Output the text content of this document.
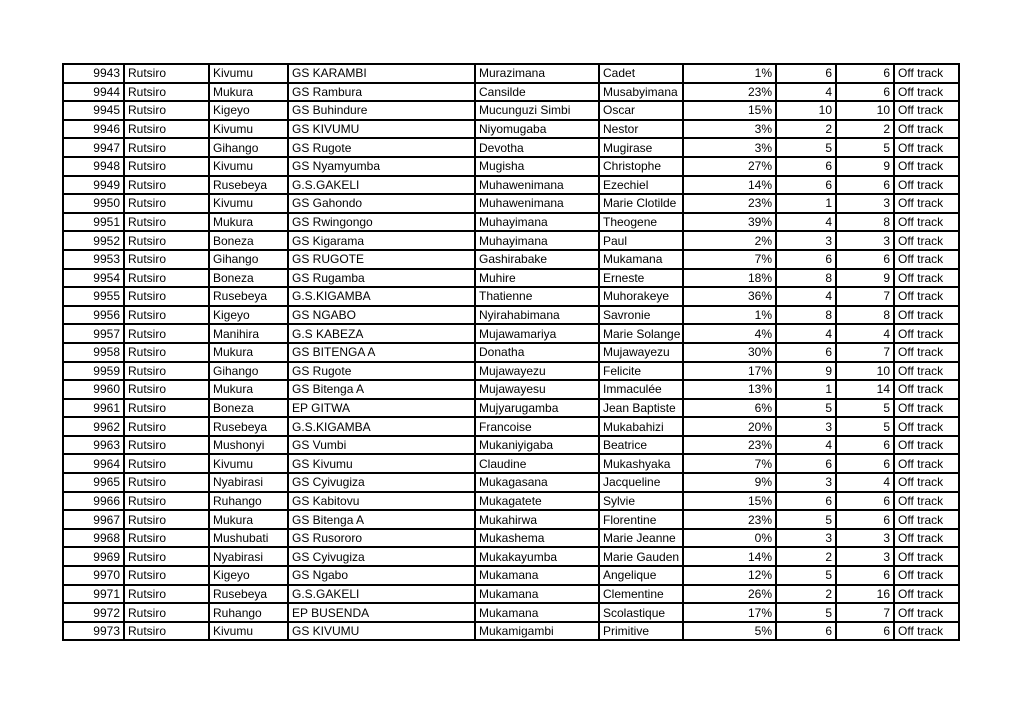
9943	Rutsiro	Kivumu	GS KARAMBI	Murazimana	Cadet	1%	6	6	Off track
9944	Rutsiro	Mukura	GS Rambura	Cansilde	Musabyimana	23%	4	6	Off track
9945	Rutsiro	Kigeyo	GS Buhindure	Mucunguzi Simbi	Oscar	15%	10	10	Off track
9946	Rutsiro	Kivumu	GS KIVUMU	Niyomugaba	Nestor	3%	2	2	Off track
9947	Rutsiro	Gihango	GS Rugote	Devotha	Mugirase	3%	5	5	Off track
9948	Rutsiro	Kivumu	GS Nyamyumba	Mugisha	Christophe	27%	6	9	Off track
9949	Rutsiro	Rusebeya	G.S.GAKELI	Muhawenimana	Ezechiel	14%	6	6	Off track
9950	Rutsiro	Kivumu	GS Gahondo	Muhawenimana	Marie Clotilde	23%	1	3	Off track
9951	Rutsiro	Mukura	GS Rwingongo	Muhayimana	Theogene	39%	4	8	Off track
9952	Rutsiro	Boneza	GS Kigarama	Muhayimana	Paul	2%	3	3	Off track
9953	Rutsiro	Gihango	GS RUGOTE	Gashirabake	Mukamana	7%	6	6	Off track
9954	Rutsiro	Boneza	GS Rugamba	Muhire	Erneste	18%	8	9	Off track
9955	Rutsiro	Rusebeya	G.S.KIGAMBA	Thatienne	Muhorakeye	36%	4	7	Off track
9956	Rutsiro	Kigeyo	GS NGABO	Nyirahabimana	Savronie	1%	8	8	Off track
9957	Rutsiro	Manihira	G.S KABEZA	Mujawamariya	Marie Solange	4%	4	4	Off track
9958	Rutsiro	Mukura	GS BITENGA A	Donatha	Mujawayezu	30%	6	7	Off track
9959	Rutsiro	Gihango	GS Rugote	Mujawayezu	Felicite	17%	9	10	Off track
9960	Rutsiro	Mukura	GS Bitenga A	Mujawayesu	Immaculée	13%	1	14	Off track
9961	Rutsiro	Boneza	EP GITWA	Mujyarugamba	Jean Baptiste	6%	5	5	Off track
9962	Rutsiro	Rusebeya	G.S.KIGAMBA	Francoise	Mukabahizi	20%	3	5	Off track
9963	Rutsiro	Mushonyi	GS Vumbi	Mukaniyigaba	Beatrice	23%	4	6	Off track
9964	Rutsiro	Kivumu	GS Kivumu	Claudine	Mukashyaka	7%	6	6	Off track
9965	Rutsiro	Nyabirasi	GS Cyivugiza	Mukagasana	Jacqueline	9%	3	4	Off track
9966	Rutsiro	Ruhango	GS Kabitovu	Mukagatete	Sylvie	15%	6	6	Off track
9967	Rutsiro	Mukura	GS Bitenga A	Mukahirwa	Florentine	23%	5	6	Off track
9968	Rutsiro	Mushubati	GS Rusororo	Mukashema	Marie Jeanne	0%	3	3	Off track
9969	Rutsiro	Nyabirasi	GS Cyivugiza	Mukakayumba	Marie Gauden	14%	2	3	Off track
9970	Rutsiro	Kigeyo	GS Ngabo	Mukamana	Angelique	12%	5	6	Off track
9971	Rutsiro	Rusebeya	G.S.GAKELI	Mukamana	Clementine	26%	2	16	Off track
9972	Rutsiro	Ruhango	EP BUSENDA	Mukamana	Scolastique	17%	5	7	Off track
9973	Rutsiro	Kivumu	GS KIVUMU	Mukamigambi	Primitive	5%	6	6	Off track
